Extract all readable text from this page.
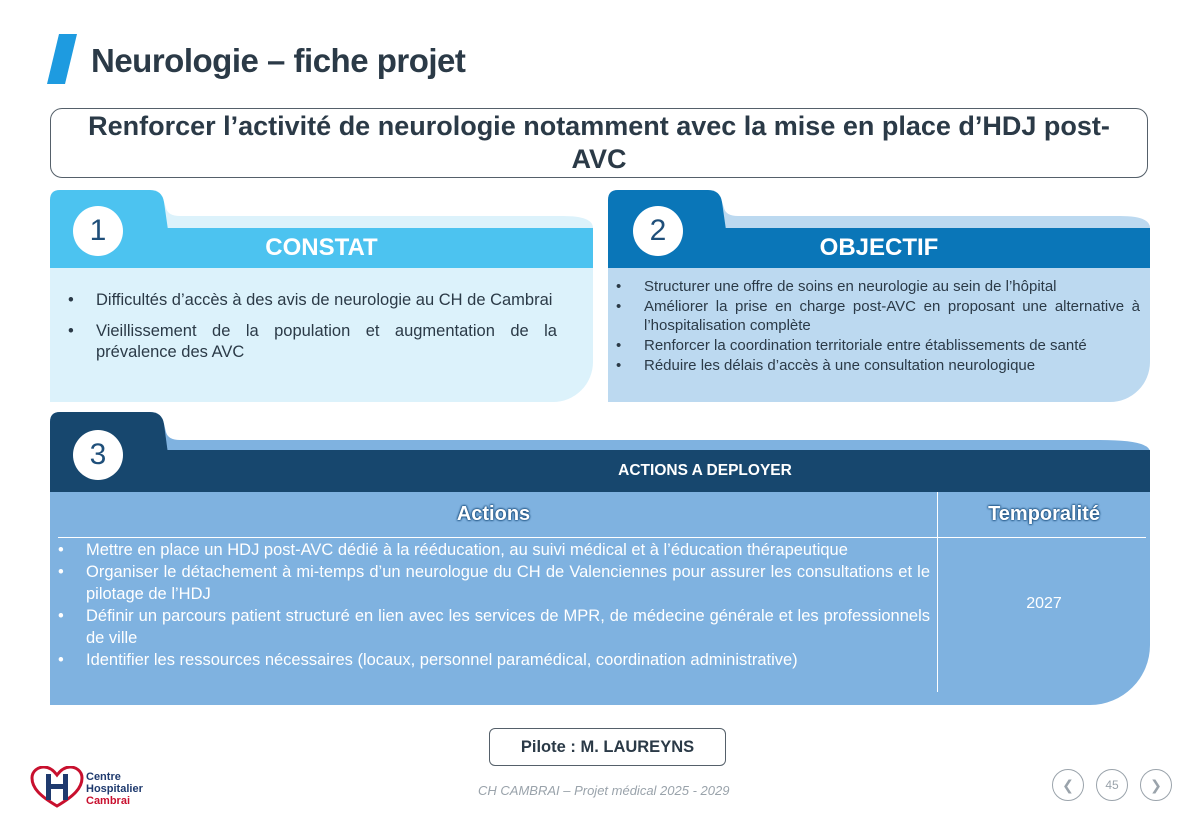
Neurologie – fiche projet
Renforcer l’activité de neurologie notamment avec la mise en place d’HDJ post-AVC
CONSTAT
1
• Difficultés d’accès à des avis de neurologie au CH de Cambrai
• Vieillissement de la population et augmentation de la prévalence des AVC
OBJECTIF
2
• Structurer une offre de soins en neurologie au sein de l’hôpital
• Améliorer la prise en charge post-AVC en proposant une alternative à l’hospitalisation complète
• Renforcer la coordination territoriale entre établissements de santé
• Réduire les délais d’accès à une consultation neurologique
ACTIONS A DEPLOYER
3
Actions	Temporalité
• Mettre en place un HDJ post-AVC dédié à la rééducation, au suivi médical et à l’éducation thérapeutique
• Organiser le détachement à mi-temps d’un neurologue du CH de Valenciennes pour assurer les consultations et le pilotage de l’HDJ
• Définir un parcours patient structuré en lien avec les services de MPR, de médecine générale et les professionnels de ville
• Identifier les ressources nécessaires (locaux, personnel paramédical, coordination administrative)
2027
Pilote : M. LAUREYNS
Centre
Hospitalier
Cambrai
CH CAMBRAI – Projet médical 2025 - 2029	❮	45 ❯
